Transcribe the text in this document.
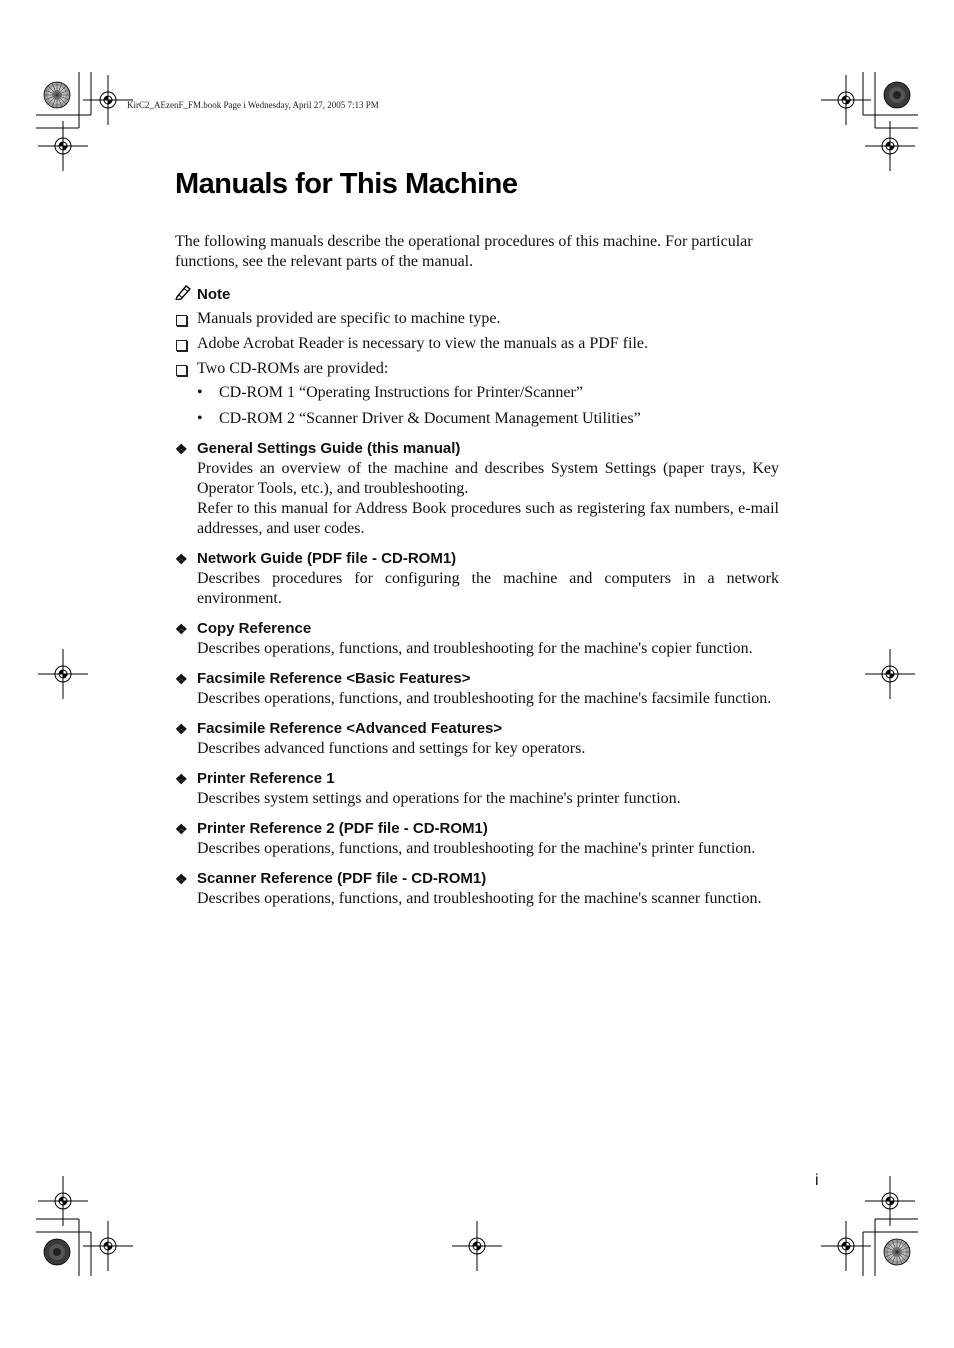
KirC2_AEzenF_FM.book Page i Wednesday, April 27, 2005 7:13 PM
Manuals for This Machine

The following manuals describe the operational procedures of this machine. For particular functions, see the relevant parts of the manual.

Note
Manuals provided are specific to machine type.
Adobe Acrobat Reader is necessary to view the manuals as a PDF file.
Two CD-ROMs are provided:
•	CD-ROM 1 “Operating Instructions for Printer/Scanner”
•	CD-ROM 2 “Scanner Driver & Document Management Utilities”
❖ General Settings Guide (this manual)

Provides an overview of the machine and describes System Settings (paper trays, Key Operator Tools, etc.), and troubleshooting.

Refer to this manual for Address Book procedures such as registering fax numbers, e-mail addresses, and user codes.

❖ Network Guide (PDF file - CD-ROM1)

Describes procedures for configuring the machine and computers in a network environment.

❖ Copy Reference

Describes operations, functions, and troubleshooting for the machine's copier function.

❖ Facsimile Reference <Basic Features>

Describes operations, functions, and troubleshooting for the machine's facsimile function.

❖ Facsimile Reference <Advanced Features>

Describes advanced functions and settings for key operators.

❖ Printer Reference 1

Describes system settings and operations for the machine's printer function.

❖ Printer Reference 2 (PDF file - CD-ROM1)

Describes operations, functions, and troubleshooting for the machine's printer function.

❖ Scanner Reference (PDF file - CD-ROM1)

Describes operations, functions, and troubleshooting for the machine's scanner function.

i
